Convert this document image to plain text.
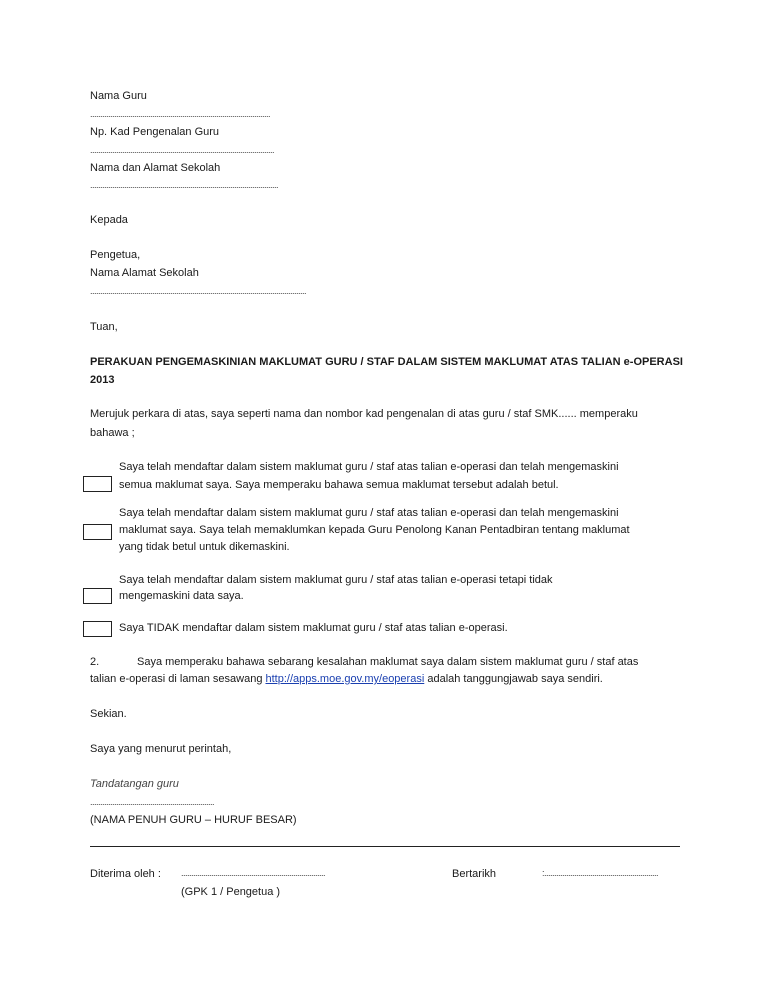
Nama Guru
..........................................................................................
Np. Kad Pengenalan Guru
............................................................................................
Nama dan Alamat Sekolah
..............................................................................................
Kepada
Pengetua,
Nama Alamat Sekolah
............................................................................................................
Tuan,
PERAKUAN PENGEMASKINIAN MAKLUMAT GURU / STAF DALAM SISTEM MAKLUMAT ATAS TALIAN e-OPERASI
2013
Merujuk perkara di atas, saya seperti nama dan nombor kad pengenalan di atas guru / staf SMK...... memperaku
bahawa ;
Saya telah mendaftar dalam sistem maklumat guru / staf atas talian e-operasi dan telah mengemaskini
semua maklumat saya. Saya memperaku bahawa semua maklumat tersebut adalah betul.
Saya telah mendaftar dalam sistem maklumat guru / staf atas talian e-operasi dan telah mengemaskini
maklumat saya. Saya telah memaklumkan kepada Guru Penolong Kanan Pentadbiran tentang maklumat
yang tidak betul untuk dikemaskini.
Saya telah mendaftar dalam sistem maklumat guru / staf atas talian e-operasi tetapi tidak
mengemaskini data saya.
Saya TIDAK mendaftar dalam sistem maklumat guru / staf atas talian e-operasi.
2.	Saya memperaku bahawa sebarang kesalahan maklumat saya dalam sistem maklumat guru / staf atas
talian e-operasi di laman sesawang http://apps.moe.gov.my/eoperasi adalah tanggungjawab saya sendiri.
Sekian.
Saya yang menurut perintah,
Tandatangan guru
..............................................................
(NAMA PENUH GURU – HURUF BESAR)
Diterima oleh : ........................................................................	Bertarikh	:.........................................................
(GPK 1 / Pengetua )
